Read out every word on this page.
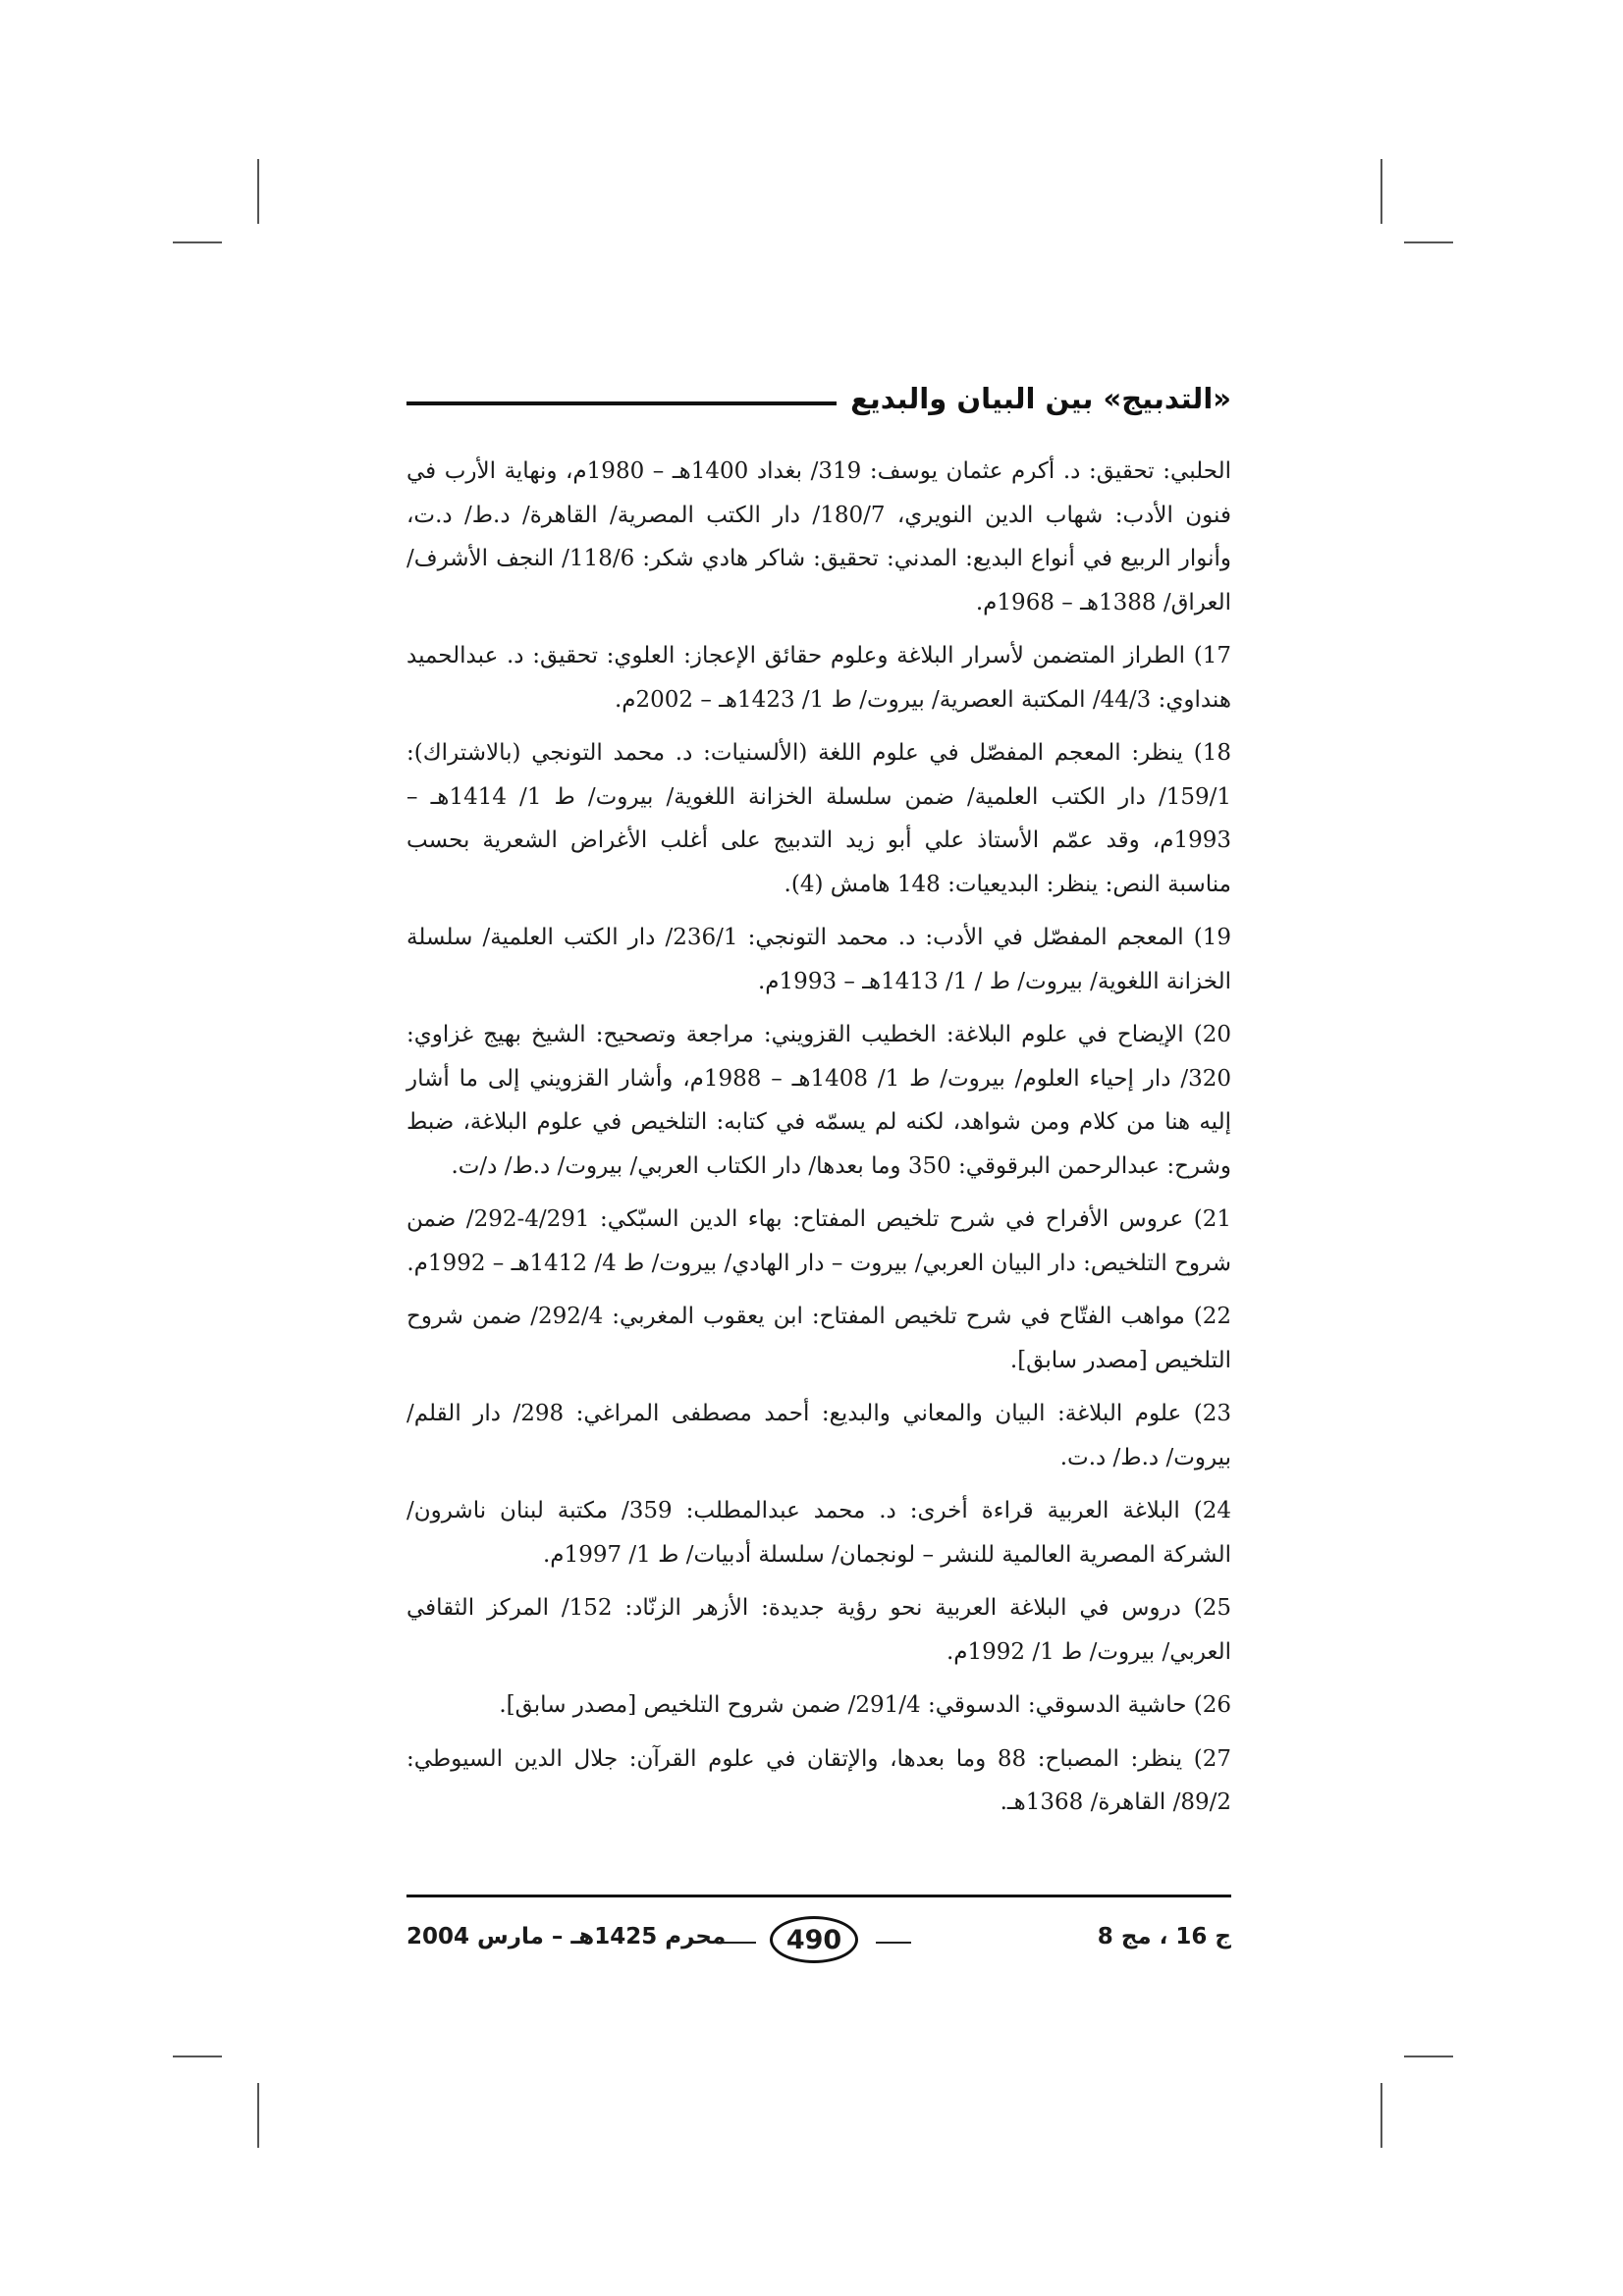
«التدبيج» بين البيان والبديع

الحلبي: تحقيق: د. أكرم عثمان يوسف: 319/ بغداد 1400هـ – 1980م، ونهاية الأرب في فنون الأدب: شهاب الدين النويري، 180/7/ دار الكتب المصرية/ القاهرة/ د.ط/ د.ت، وأنوار الربيع في أنواع البديع: المدني: تحقيق: شاكر هادي شكر: 118/6/ النجف الأشرف/ العراق/ 1388هـ – 1968م.

17) الطراز المتضمن لأسرار البلاغة وعلوم حقائق الإعجاز: العلوي: تحقيق: د. عبدالحميد هنداوي: 44/3/ المكتبة العصرية/ بيروت/ ط 1/ 1423هـ – 2002م.

18) ينظر: المعجم المفصّل في علوم اللغة (الألسنيات: د. محمد التونجي (بالاشتراك): 159/1/ دار الكتب العلمية/ ضمن سلسلة الخزانة اللغوية/ بيروت/ ط 1/ 1414هـ – 1993م، وقد عمّم الأستاذ علي أبو زيد التدبيج على أغلب الأغراض الشعرية بحسب مناسبة النص: ينظر: البديعيات: 148 هامش (4).

19) المعجم المفصّل في الأدب: د. محمد التونجي: 236/1/ دار الكتب العلمية/ سلسلة الخزانة اللغوية/ بيروت/ ط / 1/ 1413هـ – 1993م.

20) الإيضاح في علوم البلاغة: الخطيب القزويني: مراجعة وتصحيح: الشيخ بهيج غزاوي: 320/ دار إحياء العلوم/ بيروت/ ط 1/ 1408هـ – 1988م، وأشار القزويني إلى ما أشار إليه هنا من كلام ومن شواهد، لكنه لم يسمّه في كتابه: التلخيص في علوم البلاغة، ضبط وشرح: عبدالرحمن البرقوقي: 350 وما بعدها/ دار الكتاب العربي/ بيروت/ د.ط/ د/ت.

21) عروس الأفراح في شرح تلخيص المفتاح: بهاء الدين السبّكي: 4/291-292/ ضمن شروح التلخيص: دار البيان العربي/ بيروت – دار الهادي/ بيروت/ ط 4/ 1412هـ – 1992م.

22) مواهب الفتّاح في شرح تلخيص المفتاح: ابن يعقوب المغربي: 292/4/ ضمن شروح التلخيص [مصدر سابق].

23) علوم البلاغة: البيان والمعاني والبديع: أحمد مصطفى المراغي: 298/ دار القلم/ بيروت/ د.ط/ د.ت.

24) البلاغة العربية قراءة أخرى: د. محمد عبدالمطلب: 359/ مكتبة لبنان ناشرون/ الشركة المصرية العالمية للنشر – لونجمان/ سلسلة أدبيات/ ط 1/ 1997م.

25) دروس في البلاغة العربية نحو رؤية جديدة: الأزهر الزنّاد: 152/ المركز الثقافي العربي/ بيروت/ ط 1/ 1992م.

26) حاشية الدسوقي: الدسوقي: 291/4/ ضمن شروح التلخيص [مصدر سابق].

27) ينظر: المصباح: 88 وما بعدها، والإتقان في علوم القرآن: جلال الدين السيوطي: 89/2/ القاهرة/ 1368هـ.

ج 16 ، مج 8
490
محرم 1425هـ – مارس 2004
